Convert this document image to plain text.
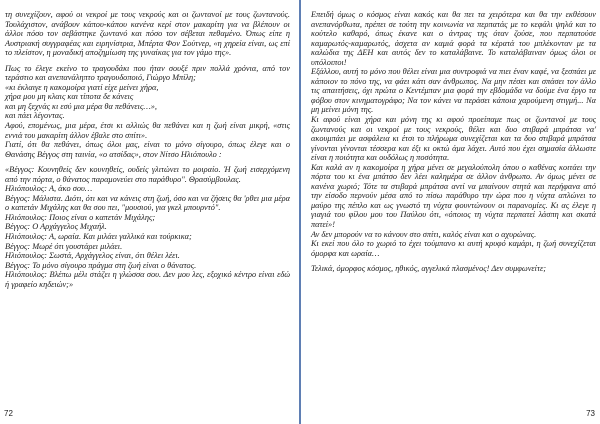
τη συνεχίζουν, αφού οι νεκροί με τους νεκρούς και οι ζωντανοί με τους ζωντανούς. Τουλάχιστον, ανάβουν κάπου-κάπου κανένα κερί στον μακαρίτη για να βλέπουν οι άλλοι πόσο τον σεβάστηκε ζωντανό και πόσο τον σέβεται πεθαμένο. Όπως είπε η Αυστριακή συγγραφέας και ειρηνίστρια, Μπέρτα Φον Σούτνερ, «η χηρεία είναι, ως επί το πλείστον, η μοναδική αποζημίωση της γυναίκας για τον γάμο της».

Πως το έλεγε εκείνο το τραγουδάκι που ήταν σουξέ πριν πολλά χρόνια, από τον τεράστιο και ανεπανάληπτο τραγουδοποιό, Γιώργο Μπίλη;

«κι έκλαιγε η κακομοίρα γιατί είχε μείνει χήρα,

χήρα μου μη κλαις και τίποτα δε κάνεις

και μη ξεχνάς κι εσύ μια μέρα θα πεθάνεις…»,

και πάει λέγοντας.

Αφού, επομένως, μια μέρα, έτσι κι αλλιώς θα πεθάνει και η ζωή είναι μικρή, «στις εννιά του μακαρίτη άλλον έβαλε στο σπίτι».

Γιατί, ότι θα πεθάνει, όπως όλοι μας, είναι το μόνο σίγουρο, όπως έλεγε και ο Θανάσης Βέγγος στη ταινία, «ο ατσίδας», στον Νίτσο Ηλιόπουλο :

«Βέγγος: Κουνηθείς δεν κουνηθείς, ουδείς γλιτώνει το μοιραίο. Ή ζωή εισερχόμενη από την πόρτα, ο θάνατος παραμονεύει στο παράθυρο". Θρασύμβουλας.

Ηλιόπουλος: Α, άκο σου…

Βέγγος: Μάλιστα. Διότι, ότι και να κάνεις στη ζωή, όσο και να ζήσεις θα 'ρθει μια μέρα ο καπετάν Μιχάλης και θα σου πει, "μουσιού, για γκελ μπουρντό".

Ηλιόπουλος: Ποιος είναι ο καπετάν Μιχάλης;

Βέγγος: Ο Αρχάγγελος Μιχαήλ.

Ηλιόπουλος: Α, ωραία. Και μιλάει γαλλικά και τούρκικα;

Βέγγος: Μωρέ ότι γουστάρει μιλάει.

Ηλιόπουλος: Σωστά, Αρχάγγελος είναι, ότι θέλει λέει.

Βέγγος: Το μόνο σίγουρο πράγμα στη ζωή είναι ο θάνατος.

Ηλιόπουλος: Βλέπω μέλι στάζει η γλώσσα σου. Δεν μου λες, εξοχικό κέντρο είναι εδώ ή γραφείο κηδειών;»

72

Επειδή όμως ο κόσμος είναι κακός και θα πει τα χειρότερα και θα την εκθέσουν ανεπανόρθωτα, πρέπει σε τούτη την κοινωνία να περπατάς με το κεφάλι ψηλά και το κούτελο καθαρό, όπως έκανε και ο άντρας της όταν ζούσε, που περπατούσε καμαρωτός-καμαρωτός, άσχετα αν καμιά φορά τα κέρατά του μπλέκονταν με τα καλώδια της ΔΕΗ και αυτός δεν το καταλάβαινε. Το καταλάβαιναν όμως όλοι οι υπόλοιποι!

Εξάλλου, αυτή το μόνο που θέλει είναι μια συντροφιά να πιει έναν καφέ, να ξεσπάει με κάποιον το πόνο της, να φάει κάτι σαν άνθρωπος. Να μην πέσει και σπάσει τον άλλο τις απαιτήσεις, όχι πρώτα ο Κεντέμπαν μια φορά την εβδομάδα να δούμε ένα έργο τα φόβου στον κινηματογράφο; Να τον κάνει να περάσει κάποια χαρούμενη στιγμή... Να μη μείνει μόνη της.

Κι αφού είναι χήρα και μόνη της κι αφού προείπαμε πως οι ζωντανοί με τους ζωντανούς και οι νεκροί με τους νεκρούς, θέλει και δυο στιβαρά μπράτσα να' ακουμπάει με ασφάλεια κι έτσι το πλήρωμα συνεχίζεται και τα δυο στιβαρά μπράτσα γίνονται γίνονται τέσσερα και έξι κι οκτώ άμα λάχει. Αυτό που έχει σημασία άλλωστε είναι η ποιότητα και ουδόλως η ποσότητα.

Και καλά αν η κακομοίρα η χήρα μένει σε μεγαλούπολη όπου ο καθένας κοιτάει την πόρτα του κι ένα μπάτσο δεν λέει καλημέρα σε άλλον άνθρωπο. Αν όμως μένει σε κανένα χωριό; Τότε τα στιβαρά μπράτσα αντί να μπαίνουν στητά και περήφανα από την είσοδο περνούν μέσα από το πίσω παράθυρο την ώρα που η νύχτα απλώνει το μαύρο της πέπλο και ως γνωστό τη νύχτα φουντώνουν οι παρανομίες. Κι ας έλεγε η γιαγιά του φίλου μου του Παύλου ότι, «όποιος τη νύχτα περπατεί λάσπη και σκατά πατεί»!

Αν δεν μπορούν να το κάνουν στο σπίτι, καλός είναι και ο αχυρώνας.

Κι εκεί που όλο το χωριό το έχει τούμπανο κι αυτή κρυφό καμάρι, η ζωή συνεχίζεται όμορφα και ωραία…

Τελικά, όμορφος κόσμος, ηθικός, αγγελικά πλασμένος! Δεν συμφωνείτε;

73
